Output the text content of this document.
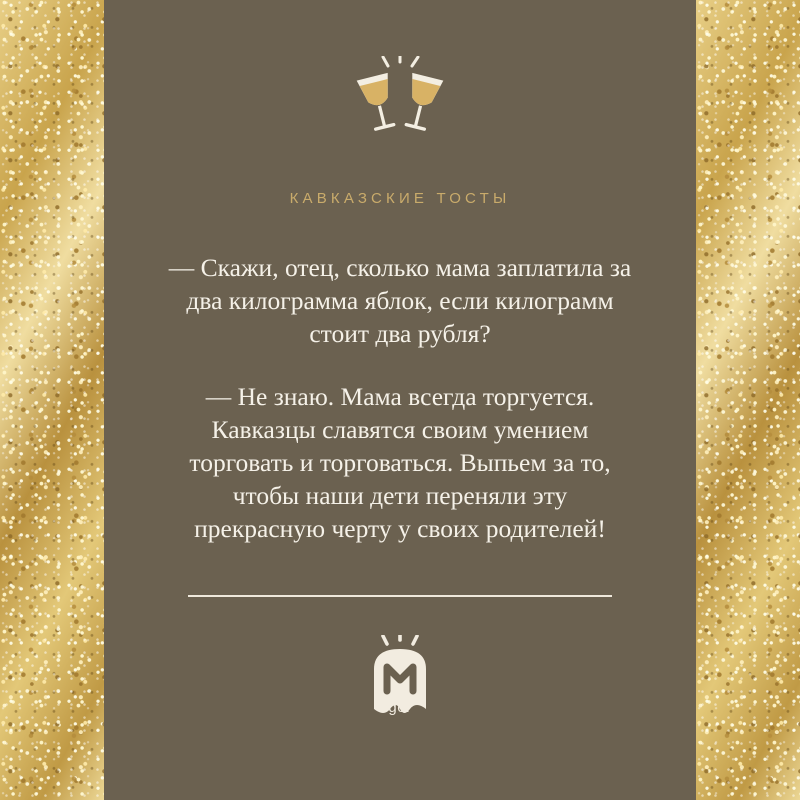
КАВКАЗСКИЕ ТОСТЫ

— Скажи, отец, сколько мама заплатила за два килограмма яблок, если килограмм стоит два рубля?

— Не знаю. Мама всегда торгуется. Кавказцы славятся своим умением торговать и торговаться. Выпьем за то, чтобы наши дети переняли эту прекрасную черту у своих родителей!

gor
